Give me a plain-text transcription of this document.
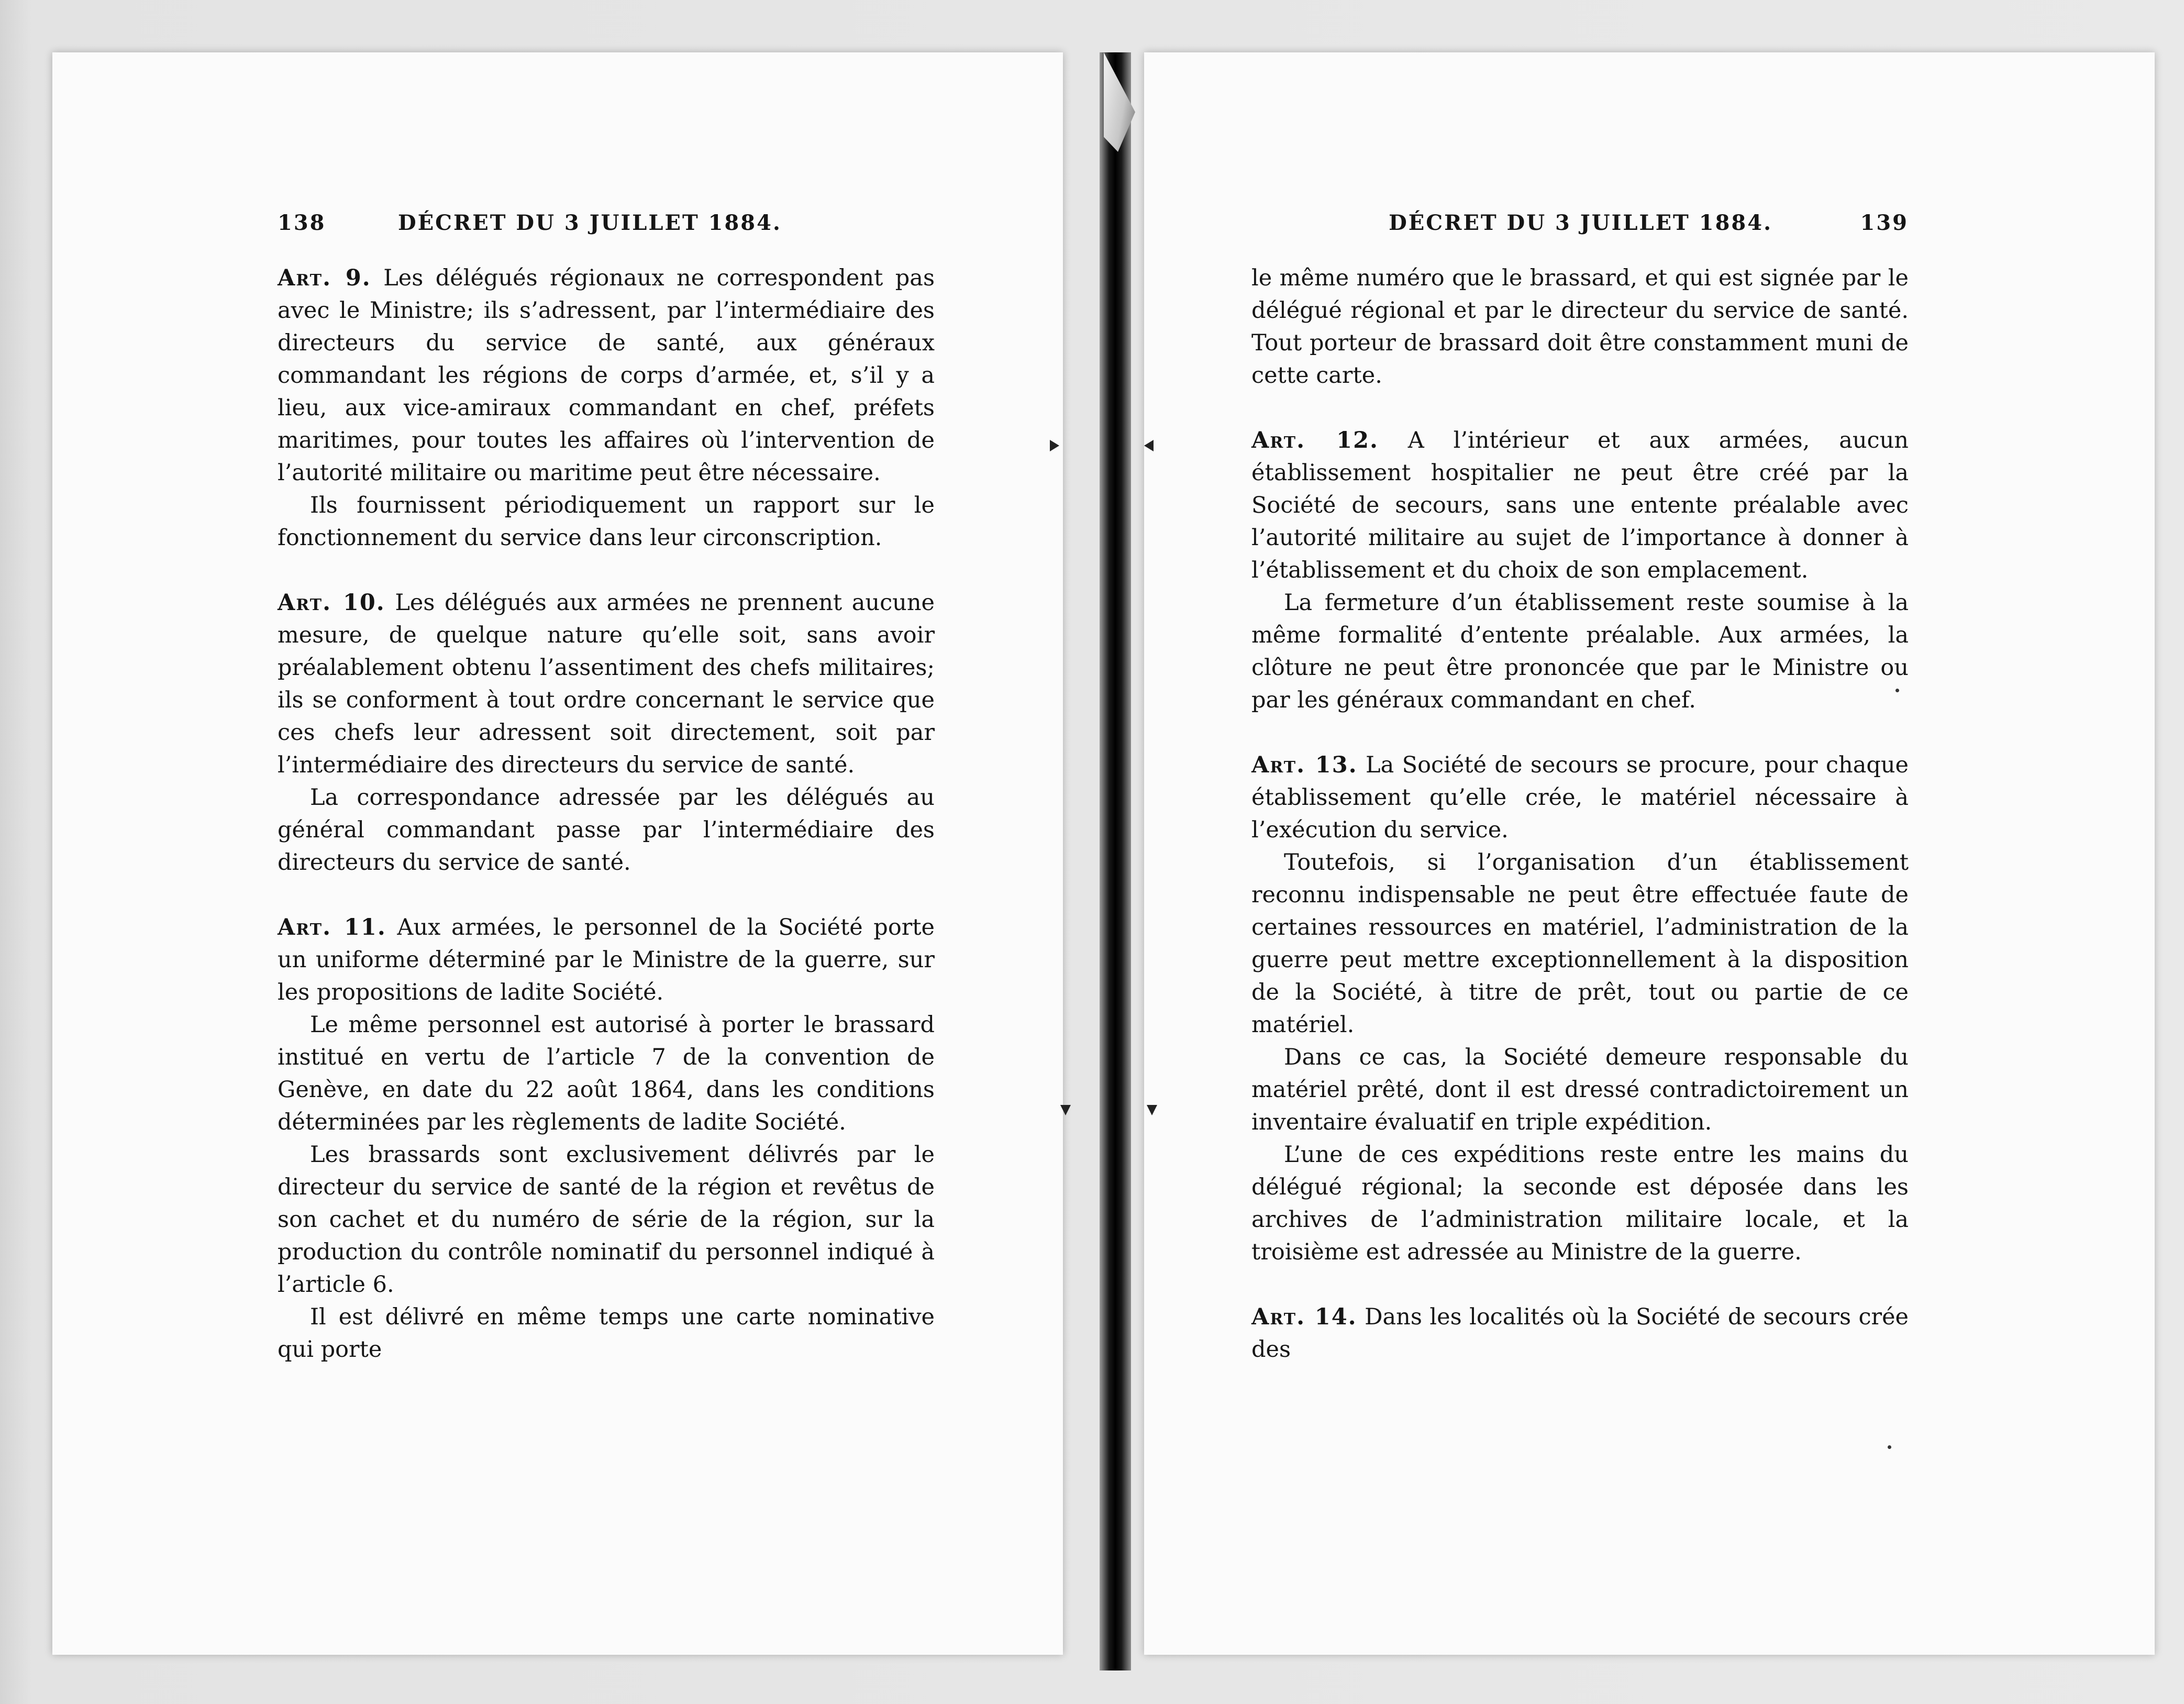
138	DÉCRET DU 3 JUILLET 1884.

Art. 9. Les délégués régionaux ne correspondent pas avec le Ministre; ils s’adressent, par l’intermédiaire des directeurs du service de santé, aux généraux commandant les régions de corps d’armée, et, s’il y a lieu, aux vice-amiraux commandant en chef, préfets maritimes, pour toutes les affaires où l’intervention de l’autorité militaire ou maritime peut être nécessaire.

Ils fournissent périodiquement un rapport sur le fonctionnement du service dans leur circonscription.

Art. 10. Les délégués aux armées ne prennent aucune mesure, de quelque nature qu’elle soit, sans avoir préalablement obtenu l’assentiment des chefs militaires; ils se conforment à tout ordre concernant le service que ces chefs leur adressent soit directement, soit par l’intermédiaire des directeurs du service de santé.

La correspondance adressée par les délégués au général commandant passe par l’intermédiaire des directeurs du service de santé.

Art. 11. Aux armées, le personnel de la Société porte un uniforme déterminé par le Ministre de la guerre, sur les propositions de ladite Société.

Le même personnel est autorisé à porter le brassard institué en vertu de l’article 7 de la convention de Genève, en date du 22 août 1864, dans les conditions déterminées par les règlements de ladite Société.

Les brassards sont exclusivement délivrés par le directeur du service de santé de la région et revêtus de son cachet et du numéro de série de la région, sur la production du contrôle nominatif du personnel indiqué à l’article 6.

Il est délivré en même temps une carte nominative qui porte

DÉCRET DU 3 JUILLET 1884.	139

le même numéro que le brassard, et qui est signée par le délégué régional et par le directeur du service de santé. Tout porteur de brassard doit être constamment muni de cette carte.

Art. 12. A l’intérieur et aux armées, aucun établissement hospitalier ne peut être créé par la Société de secours, sans une entente préalable avec l’autorité militaire au sujet de l’importance à donner à l’établissement et du choix de son emplacement.

La fermeture d’un établissement reste soumise à la même formalité d’entente préalable. Aux armées, la clôture ne peut être prononcée que par le Ministre ou par les généraux commandant en chef.

Art. 13. La Société de secours se procure, pour chaque établissement qu’elle crée, le matériel nécessaire à l’exécution du service.

Toutefois, si l’organisation d’un établissement reconnu indispensable ne peut être effectuée faute de certaines ressources en matériel, l’administration de la guerre peut mettre exceptionnellement à la disposition de la Société, à titre de prêt, tout ou partie de ce matériel.

Dans ce cas, la Société demeure responsable du matériel prêté, dont il est dressé contradictoirement un inventaire évaluatif en triple expédition.

L’une de ces expéditions reste entre les mains du délégué régional; la seconde est déposée dans les archives de l’administration militaire locale, et la troisième est adressée au Ministre de la guerre.

Art. 14. Dans les localités où la Société de secours crée des
